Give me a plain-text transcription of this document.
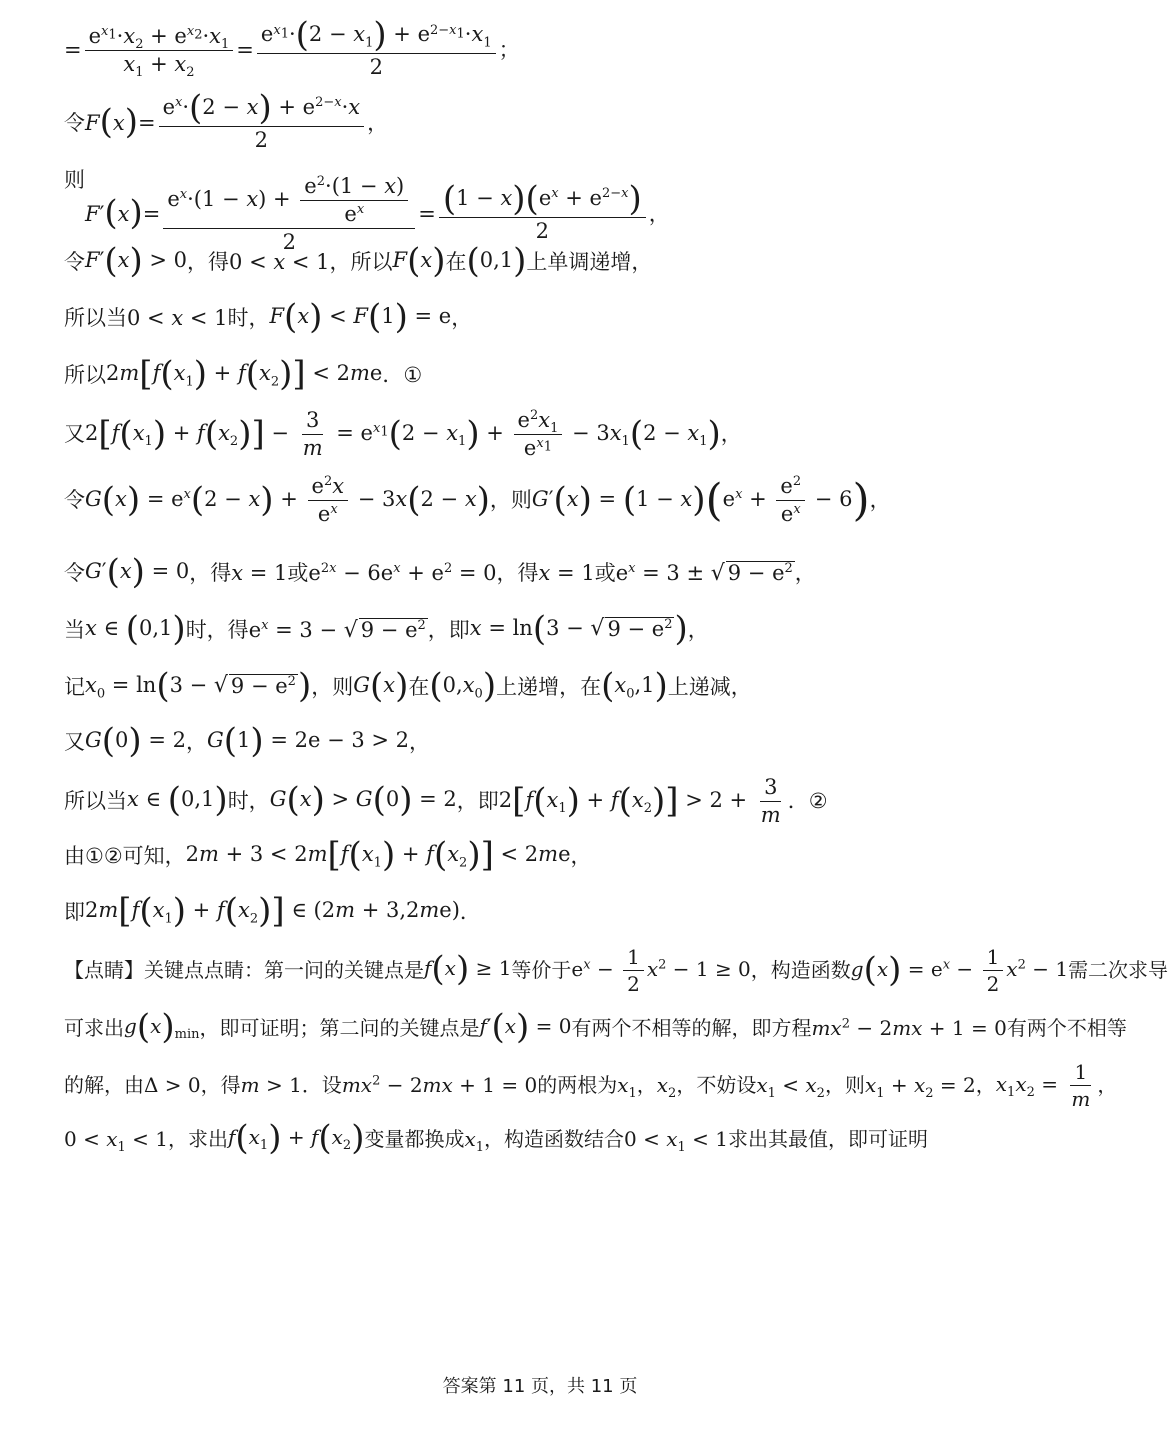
= $\frac{e^{x_1}\cdot x_2 + e^{x_2}\cdot x_1}{x_1 + x_2} = \frac{e^{x_1}\cdot(2 - x_1) + e^{2-x_1}\cdot x_1}{2}$ ；
令 F ( x ) = $\frac{e^x\cdot(2 - x) + e^{2-x}\cdot x}{2}$ ，
则
F ′ ( x ) = $\frac{e^x\cdot(1 - x) + \frac{e^2\cdot(1 - x)}{e^x}}{2} = \frac{(1 - x)(e^x + e^{2-x})}{2}$ ，
令 F′(x) > 0 ，得 0 < x < 1 ，所以 F(x) 在 (0,1) 上单调递增，
所以当 0 < x < 1 时， F(x) < F(1) = e ，
所以 $2m[f(x_1) + f(x_2)] < 2me$ ． ①
又 $2[f(x_1) + f(x_2)] - \frac{3}{m} = e^{x_1}(2 - x_1) + \frac{e^2x_1}{e^{x_1}} - 3x_1(2 - x_1)$ ，
令 $G(x) = e^x(2 - x) + \frac{e^2x}{e^x} - 3x(2 - x)$ ，则 $G'(x) = (1 - x)(e^x + \frac{e^2}{e^x} - 6)$ ，
令 G′(x) = 0 ，得 x = 1 或 $e^{2x} - 6e^x + e^2 = 0$ ，得 x = 1 或 $e^x = 3$ ± √ $9 - e^2$ ，
当 x ∈ (0,1) 时，得 $e^x = 3$ − √ $9 - e^2$ ，即 x = ln(3 − √ $9 - e^2$) ，
记 $x_0 = \ln(3$ − √ $9 - e^2$) ，则 G(x) 在 $(0,x_0)$ 上递增，在 $(x_0,1)$ 上递减，
又 G(0) = 2 ， G(1) = 2e − 3 > 2 ，
所以当 x ∈ (0,1) 时， G(x) > G(0) = 2 ，即 $2[f(x_1) + f(x_2)] > 2 + \frac{3}{m}$ ． ②
由①②可知， $2m + 3 < 2m[f(x_1) + f(x_2)] < 2me$ ，
即 $2m[f(x_1) + f(x_2)]$ ∈ (2m + 3,2me) ．
【点睛】 关键点点睛：第一问的关键点是 f(x) ≥ 1 等价于 $e^x - \frac{1}{2} x^2 - 1 \ge 0$ ，构造函数 $g(x) = e^x - \frac{1}{2} x^2 - 1$ 需二次求导
可求出 $g(x)_{min}$ ，即可证明；第二问的关键点是 f′(x) = 0 有两个不相等的解，即方程 $mx^2 - 2mx + 1 = 0$ 有两个不相等
的解，由 Δ > 0 ，得 m > 1 ．设 $mx^2 - 2mx + 1 = 0$ 的两根为 $x_1$ ， $x_2$ ，不妨设 $x_1 < x_2$ ，则 $x_1 + x_2 = 2$ ， $x_1x_2 = \frac{1}{m}$ ，
$0 < x_1 < 1$ ，求出 $f(x_1) + f(x_2)$ 变量都换成 $x_1$ ，构造函数结合 $0 < x_1 < 1$ 求出其最值，即可证明
答案第 11 页，共 11 页
